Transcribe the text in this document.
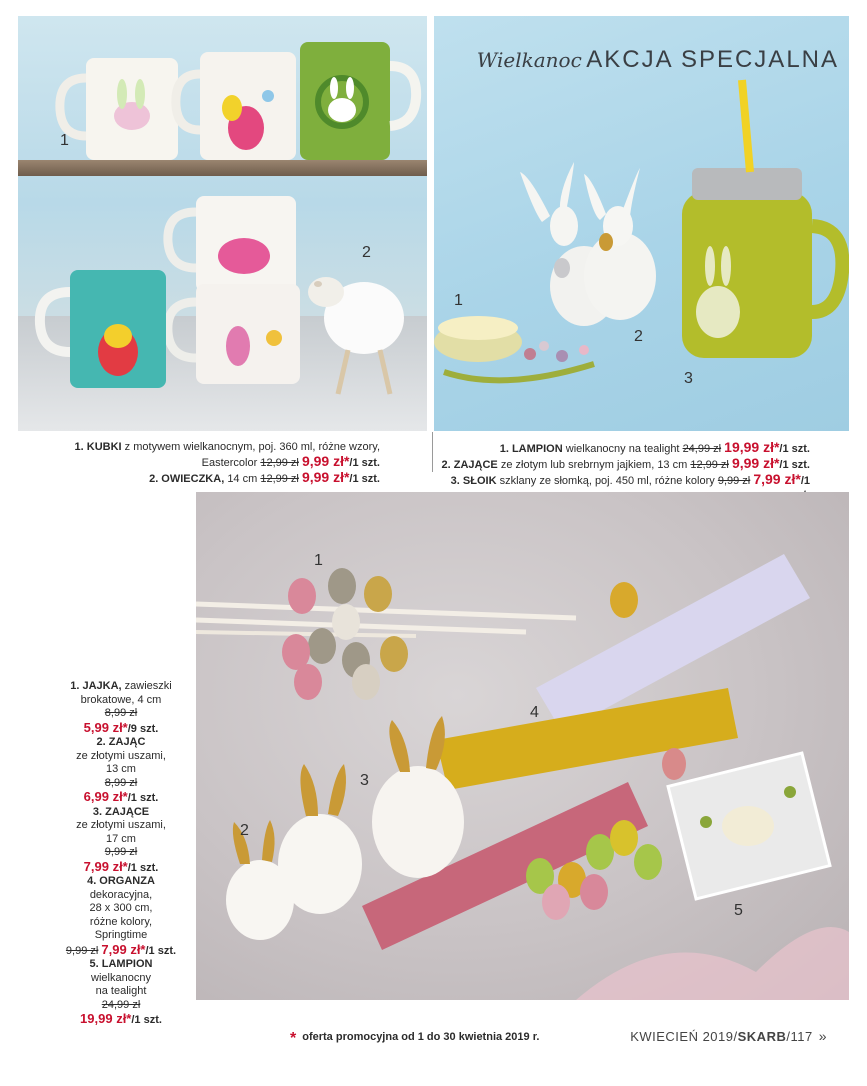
1
2
Wielkanoc AKCJA SPECJALNA
1
2
3
1. KUBKI z motywem wielkanocnym, poj. 360 ml, różne wzory, Eastercolor 12,99 zł 9,99 zł*/1 szt.
2. OWIECZKA, 14 cm 12,99 zł 9,99 zł*/1 szt.
1. LAMPION wielkanocny na tealight 24,99 zł 19,99 zł*/1 szt.
2. ZAJĄCE ze złotym lub srebrnym jajkiem, 13 cm 12,99 zł 9,99 zł*/1 szt.
3. SŁOIK szklany ze słomką, poj. 450 ml, różne kolory 9,99 zł 7,99 zł*/1
1. JAJKA, zawieszki
brokatowe, 4 cm
8,99 zł
5,99 zł*/9 szt.
2. ZAJĄC
ze złotymi uszami,
13 cm
8,99 zł
6,99 zł*/1 szt.
3. ZAJĄCE
ze złotymi uszami,
17 cm
9,99 zł
7,99 zł*/1 szt.
4. ORGANZA
dekoracyjna,
28 x 300 cm,
różne kolory,
Springtime
9,99 zł 7,99 zł*/1 szt.
5. LAMPION
wielkanocny
na tealight
24,99 zł
19,99 zł*/1 szt.
1
2
3
4
5
* oferta promocyjna od 1 do 30 kwietnia 2019 r.	KWIECIEŃ 2019/SKARB/117 »
